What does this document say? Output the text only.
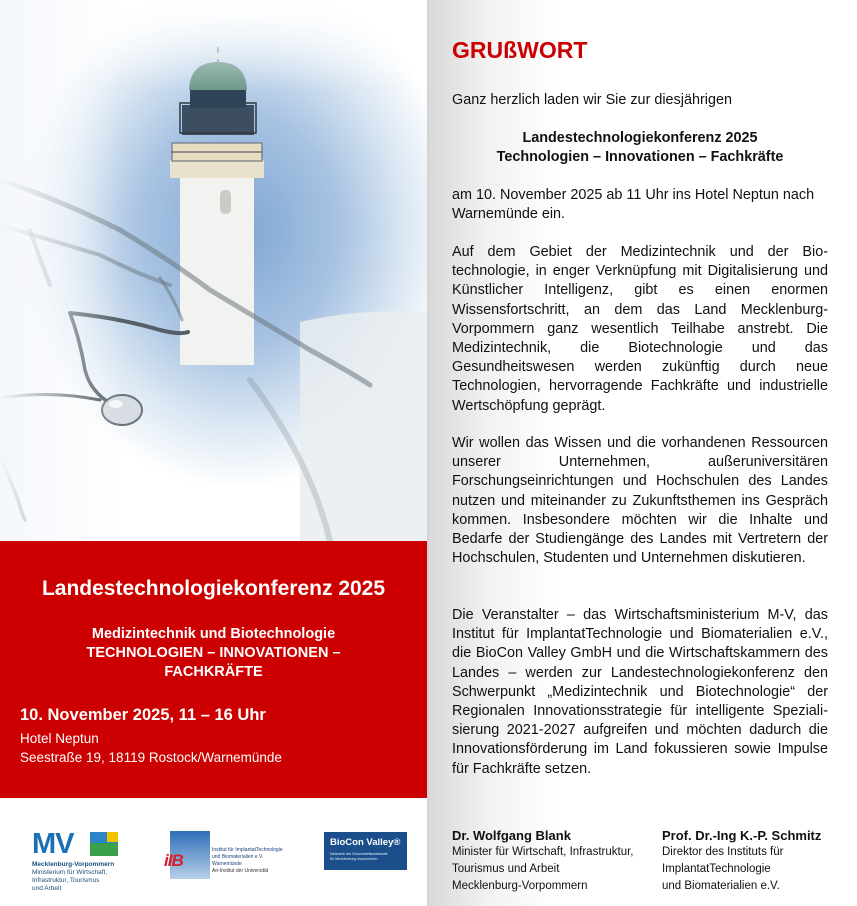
Landestechnologiekonferenz 2025
Medizintechnik und Biotechnologie
TECHNOLOGIEN – INNOVATIONEN –
FACHKRÄFTE
10. November 2025, 11 – 16 Uhr
Hotel Neptun
Seestraße 19, 18119 Rostock/Warnemünde
MV
Mecklenburg-Vorpommern
Ministerium für Wirtschaft,
Infrastruktur, Tourismus
und Arbeit
iIB
Institut für ImplantatTechnologie
und Biomaterialien e.V.
Warnemünde
An-Institut der Universität
BioCon Valley®
Netzwerk der Gesundheitswirtschaft
für Mecklenburg-Vorpommern
GRUßWORT
Ganz herzlich laden wir Sie zur diesjährigen
Landestechnologiekonferenz 2025
Technologien – Innovationen – Fachkräfte
am 10. November 2025 ab 11 Uhr ins Hotel Neptun nach Warnemünde ein.
Auf dem Gebiet der Medizintechnik und der Biotechnologie, in enger Verknüpfung mit Digitalisierung und Künstlicher Intelligenz, gibt es einen enormen Wissensfortschritt, an dem das Land Mecklenburg-Vorpommern ganz wesentlich Teilhabe anstrebt. Die Medizintechnik, die Biotechnologie und das Gesundheitswesen werden zukünftig durch neue Technologien, hervorragende Fachkräfte und industrielle Wertschöpfung geprägt.
Wir wollen das Wissen und die vorhandenen Ressourcen unserer Unternehmen, außeruniversitären Forschungseinrichtungen und Hochschulen des Landes nutzen und miteinander zu Zukunftsthemen ins Gespräch kommen. Insbesondere möchten wir die Inhalte und Bedarfe der Studiengänge des Landes mit Vertretern der Hochschulen, Studenten und Unternehmen diskutieren.
Die Veranstalter – das Wirtschaftsministerium M-V, das Institut für ImplantatTechnologie und Biomaterialien e.V., die BioCon Valley GmbH und die Wirtschaftskammern des Landes – werden zur Landestechnologiekonferenz den Schwerpunkt „Medizintechnik und Biotechnologie“ der Regionalen Innovationsstrategie für intelligente Spezialisierung 2021-2027 aufgreifen und möchten dadurch die Innovationsförderung im Land fokussieren sowie Impulse für Fachkräfte setzen.
Dr. Wolfgang Blank
Minister für Wirtschaft, Infrastruktur,
Tourismus und Arbeit
Mecklenburg-Vorpommern
Prof. Dr.-Ing K.-P. Schmitz
Direktor des Instituts für
ImplantatTechnologie
und Biomaterialien e.V.
